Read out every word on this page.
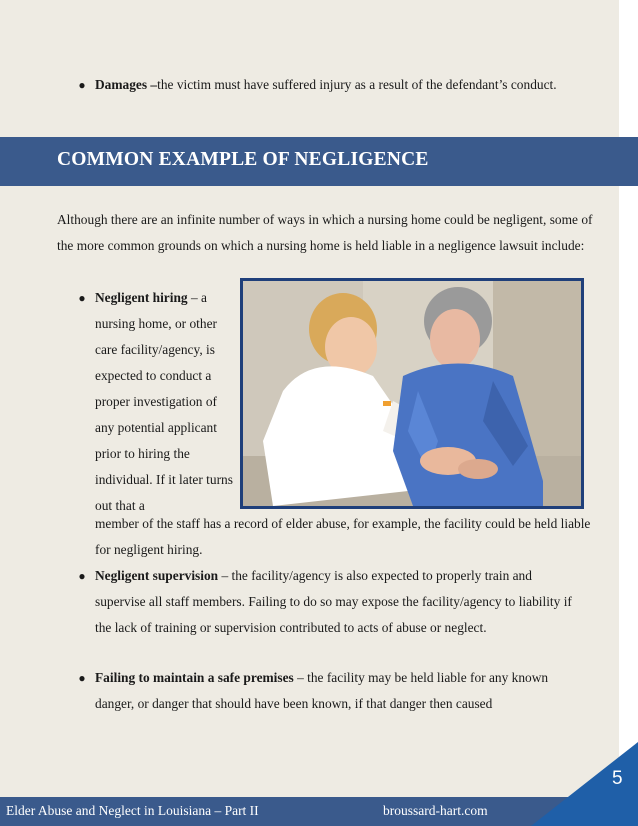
● Damages –the victim must have suffered injury as a result of the defendant’s conduct.
COMMON EXAMPLE OF NEGLIGENCE
Although there are an infinite number of ways in which a nursing home could be negligent, some of the more common grounds on which a nursing home is held liable in a negligence lawsuit include:
● Negligent hiring – a nursing home, or other care facility/agency, is expected to conduct a proper investigation of any potential applicant prior to hiring the individual. If it later turns out that a
member of the staff has a record of elder abuse, for example, the facility could be held liable for negligent hiring.
● Negligent supervision – the facility/agency is also expected to properly train and supervise all staff members. Failing to do so may expose the facility/agency to liability if the lack of training or supervision contributed to acts of abuse or neglect.
● Failing to maintain a safe premises – the facility may be held liable for any known danger, or danger that should have been known, if that danger then caused
Elder Abuse and Neglect in Louisiana – Part II	broussard-hart.com
5
